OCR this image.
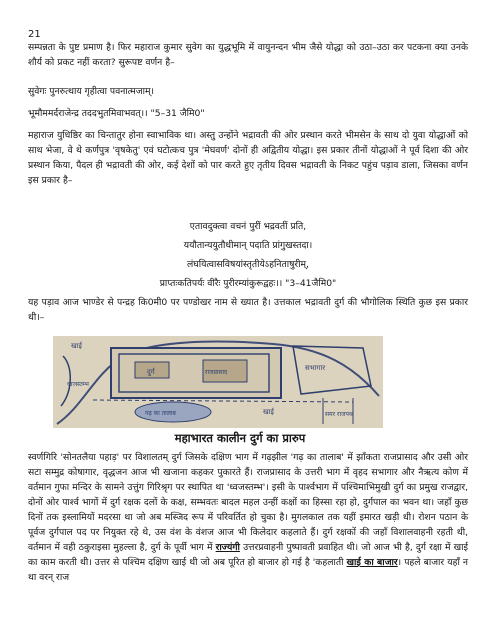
21

सम्पन्नता के पुष्ट प्रमाण है। फिर महाराज कुमार सुवेग का युद्धभूमि में वायुनन्दन भीम जैसे योद्धा को उठा–उठा कर पटकना क्या उनके शौर्य को प्रकट नहीं करता? सुरूपष्ट वर्णन है–

सुवेगः पुनरुत्थाय गृहीत्वा पवनात्मजाम्।

भूमौममर्दराजेन्द्र तददभुतमिवाभवत्।। "5–31 जैमि0"

महाराज युधिष्ठिर का चिन्तातुर होना स्वाभाविक था। अस्तु उन्होंने भद्रावती की ओर प्रस्थान करते भीमसेन के साथ दो युवा योद्धाओं को साथ भेजा, वे थे कर्णपुत्र 'वृषकेतु' एवं घटोत्कच पुत्र 'मेघवर्ण' दोनों ही अद्वितीय योद्धा। इस प्रकार तीनों योद्धाओं ने पूर्व दिशा की ओर प्रस्थान किया, पैदल ही भद्रावती की ओर, कई देशों को पार करते हुए तृतीय दिवस भद्रावती के निकट पहुंच पड़ाव डाला, जिसका वर्णन इस प्रकार है–

एतावदुक्त्वा वचनं पुरीं भद्रवतीं प्रति,

ययौतान्ययुतौधीमान् पदाति प्रांगुखस्तदा।

लंघयित्वासविषयांस्तृतीयेऽहनिताषुरीम्,

प्राप्तःकतिपर्यः वीरैः पुरीरम्यांकुरूद्वहः।। "3–41जैमि0"

यह पड़ाव आज भाण्डेर से पन्द्रह कि0मी0 पर पण्डोखर नाम से ख्यात है। उत्तकाल भद्रावती दुर्ग की भौगोलिक स्थिति कुछ इस प्रकार थी।–

खाई
दुर्ग	राजप्रासाद
सभागार
ध्वजस्तम्भ
खाई
गढ़ का तालाब	समर राजपथ

महाभारत कालीन दुर्ग का प्रारुप

स्वर्णगिरि 'सोनतलैया पहाड़' पर विशालतम् दुर्ग जिसके दक्षिण भाग में गढ़झील 'गढ़ का तालाब' में झाँकता राजप्रासाद और उसी ओर सटा सम्मुद्र कोषागार, वृद्धजन आज भी खजाना कहकर पुकारते हैं। राजप्रासाद के उत्तरी भाग में वृहद सभागार और नैऋत्य कोण में वर्तमान गुफा मन्दिर के सामने उत्तुंग गिरिश्रृग पर स्थापित था 'ध्वजस्तम्भ'। इसी के पार्श्वभाग में पश्चिमाभिमुखी दुर्ग का प्रमुख राजद्वार, दोनों ओर पार्श्व भागों में दुर्ग रक्षक दलों के कक्ष, सम्भवतः बादल महल उन्हीं कक्षों का हिस्सा रहा हो, दुर्गपाल का भवन था। जहाँ कुछ दिनों तक इस्लामियों मदरसा था जो अब मस्जिद रूप में परिवर्तित हो चुका है। मुगलकाल तक यहीं इमारत खड़ी थी। रोशन पठान के पूर्वज दुर्गपाल पद पर नियुक्त रहे थे, उस वंश के वंशज आज भी किलेदार कहलाते हैं। दुर्ग रक्षकों की जहाँ विशालवाहनी रहती थी, वर्तमान में वही ठकुराइसा मुहल्ला है, दुर्ग के पूर्वी भाग में राज्यंगी उत्तरप्रवाहनी पुष्पावती प्रवाहित थी। जो आज भी है, दुर्ग रक्षा में खाई का काम करती थी। उत्तर से पश्चिम दक्षिण खाई थी जो अब पूरित हो बाजार हो गई है 'कहलाती खाई का बाजार। पहले बाजार यहाँ न था वरन् राज
